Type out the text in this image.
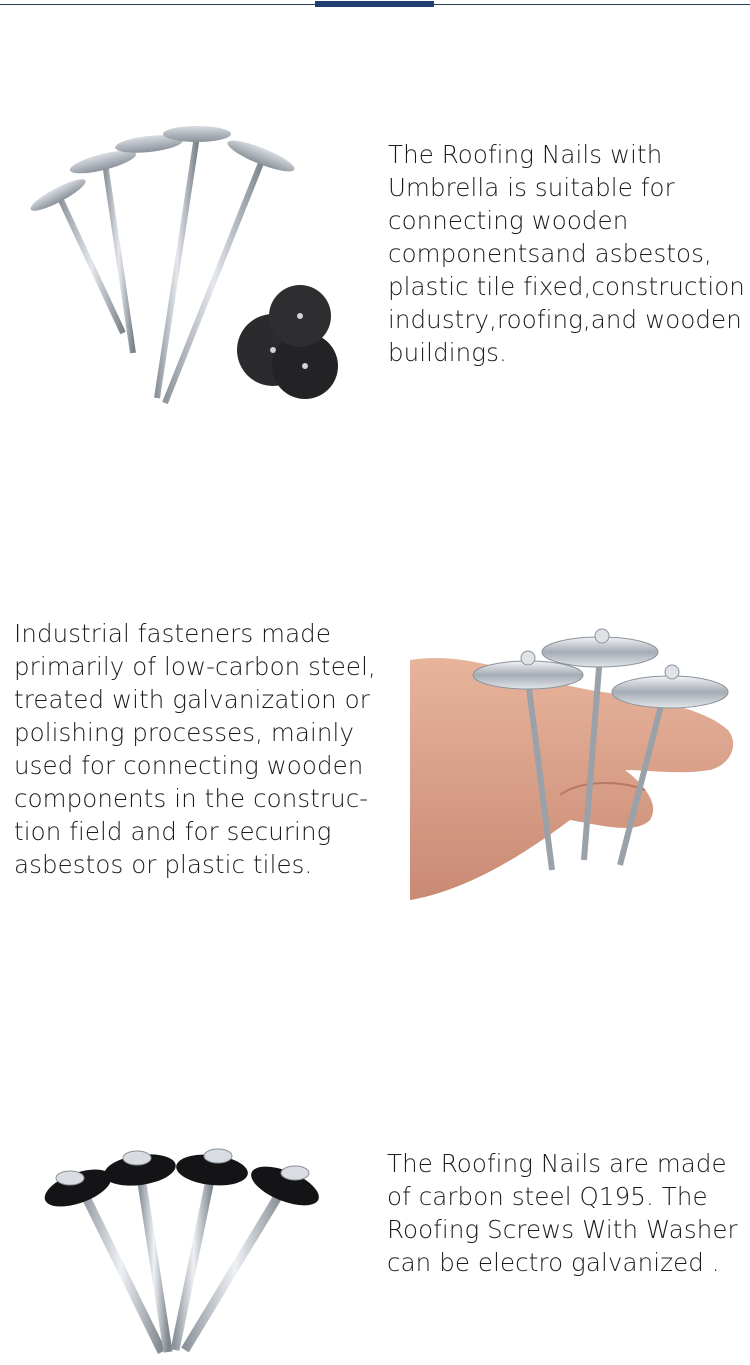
The Roofing Nails with
Umbrella is suitable for
connecting wooden
componentsand asbestos,
plastic tile fixed,construction
industry,roofing,and wooden
buildings.
Industrial fasteners made
primarily of low-carbon steel,
treated with galvanization or
polishing processes, mainly
used for connecting wooden
components in the construc-
tion field and for securing
asbestos or plastic tiles.
The Roofing Nails are made
of carbon steel Q195. The
Roofing Screws With Washer
can be electro galvanized .
